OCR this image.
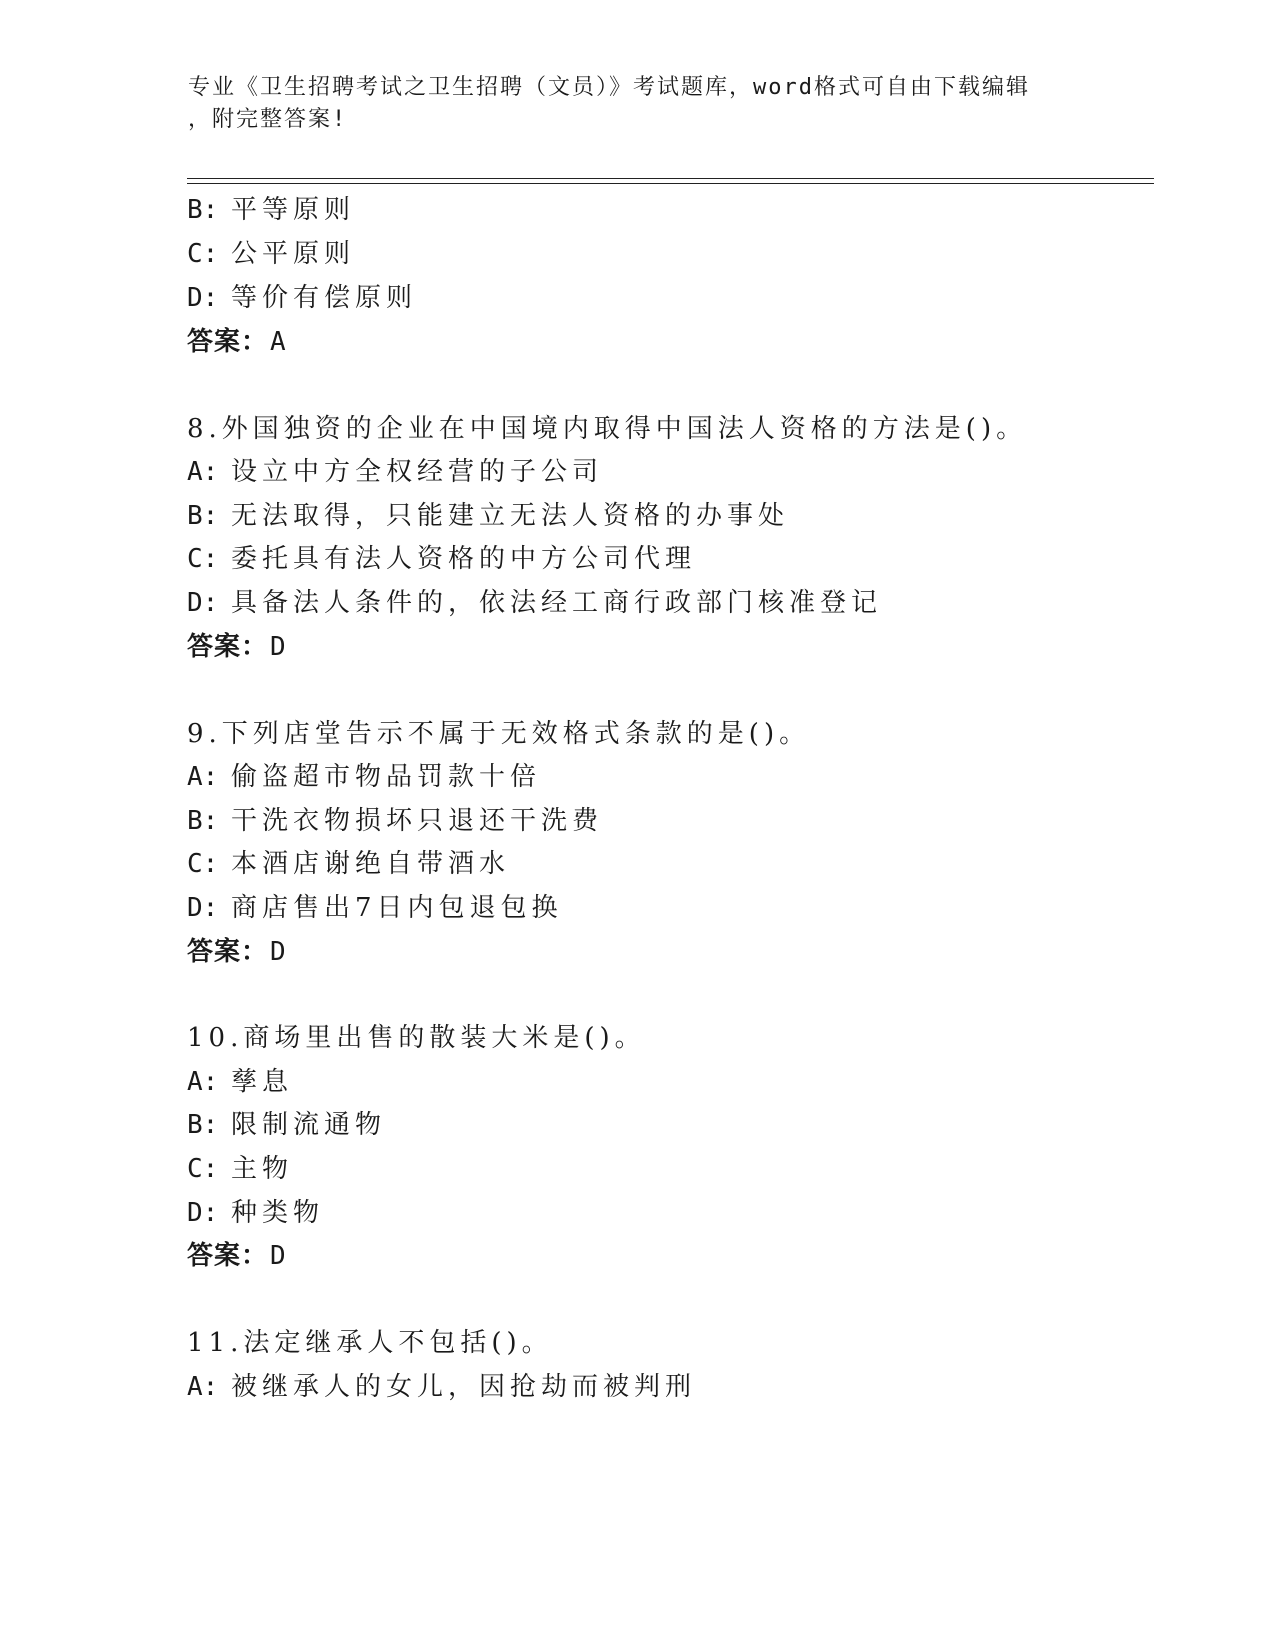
专业《卫生招聘考试之卫生招聘（文员）》考试题库，word格式可自由下载编辑
，附完整答案!
B: 平等原则
C: 公平原则
D: 等价有偿原则
答案：A
8.外国独资的企业在中国境内取得中国法人资格的方法是()。
A: 设立中方全权经营的子公司
B: 无法取得，只能建立无法人资格的办事处
C: 委托具有法人资格的中方公司代理
D: 具备法人条件的，依法经工商行政部门核准登记
答案：D
9.下列店堂告示不属于无效格式条款的是()。
A: 偷盗超市物品罚款十倍
B: 干洗衣物损坏只退还干洗费
C: 本酒店谢绝自带酒水
D: 商店售出7日内包退包换
答案：D
10.商场里出售的散装大米是()。
A: 孳息
B: 限制流通物
C: 主物
D: 种类物
答案：D
11.法定继承人不包括()。
A: 被继承人的女儿，因抢劫而被判刑
